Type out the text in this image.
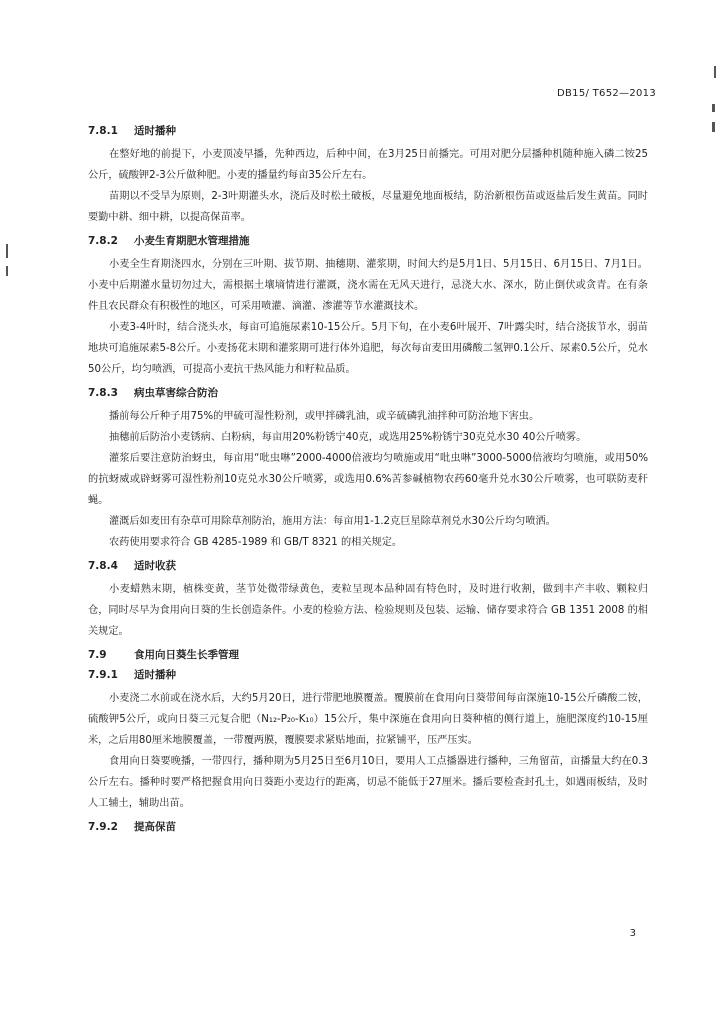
DB15/ T652—2013
7.8.1 适时播种

在整好地的前提下，小麦顶凌早播，先种西边，后种中间，在3月25日前播完。可用对肥分层播种机随种施入磷二铵25 公斤，硫酸钾2-3公斤做种肥。小麦的播量约每亩35公斤左右。

苗期以不受旱为原则，2-3叶期灌头水，浇后及时松土破板，尽量避免地面板结，防治新根伤苗或返盐后发生黄苗。同时要勤中耕、细中耕，以提高保苗率。

7.8.2 小麦生育期肥水管理措施

小麦全生育期浇四水，分别在三叶期、拔节期、抽穗期、灌浆期，时间大约是5月1日、5月15日、6月15日、7月1日。小麦中后期灌水量切勿过大，需根据土壤墒情进行灌溉，浇水需在无风天进行，忌浇大水、深水，防止倒伏或贪青。在有条件且农民群众有积极性的地区，可采用喷灌、滴灌、渗灌等节水灌溉技术。

小麦3-4叶时，结合浇头水，每亩可追施尿素10-15公斤。5月下旬，在小麦6叶展开、7叶露尖时，结合浇拔节水，弱苗地块可追施尿素5-8公斤。小麦扬花末期和灌浆期可进行体外追肥，每次每亩麦田用磷酸二氢钾0.1公斤、尿素0.5公斤，兑水50公斤，均匀喷洒，可提高小麦抗干热风能力和籽粒品质。

7.8.3 病虫草害综合防治

播前每公斤种子用75%的甲硫可湿性粉剂，或甲拌磷乳油，或辛硫磷乳油拌种可防治地下害虫。

抽穗前后防治小麦锈病、白粉病，每亩用20%粉锈宁40克，或选用25%粉锈宁30克兑水30 40公斤喷雾。

灌浆后要注意防治蚜虫，每亩用“吡虫啉”2000-4000倍液均匀喷施或用“吡虫啉”3000-5000倍液均匀喷施，或用50%的抗蚜威或辟蚜雾可湿性粉剂10克兑水30公斤喷雾，或选用0.6%苦参碱植物农药60毫升兑水30公斤喷雾，也可联防麦秆蝇。

灌溉后如麦田有杂草可用除草剂防治，施用方法：每亩用1-1.2克巨星除草剂兑水30公斤均匀喷洒。

农药使用要求符合 GB 4285-1989 和 GB/T 8321 的相关规定。

7.8.4 适时收获

小麦蜡熟末期，植株变黄，茎节处微带绿黄色，麦粒呈现本品种固有特色时，及时进行收割，做到丰产丰收、颗粒归仓，同时尽早为食用向日葵的生长创造条件。小麦的检验方法、检验规则及包装、运输、储存要求符合 GB 1351 2008 的相关规定。

7.9	食用向日葵生长季管理
7.9.1 适时播种

小麦浇二水前或在浇水后，大约5月20日，进行带肥地膜覆盖。覆膜前在食用向日葵带间每亩深施10-15公斤磷酸二铵，硫酸钾5公斤，或向日葵三元复合肥（N₁₂-P₂₀-K₁₀）15公斤，集中深施在食用向日葵种植的侧行道上，施肥深度约10-15厘米，之后用80厘米地膜覆盖，一带覆两膜，覆膜要求紧贴地面，拉紧铺平，压严压实。

食用向日葵要晚播，一带四行，播种期为5月25日至6月10日，要用人工点播器进行播种，三角留苗，亩播量大约在0.3公斤左右。播种时要严格把握食用向日葵距小麦边行的距离，切忌不能低于27厘米。播后要检查封孔土，如遇雨板结，及时人工辅土，辅助出苗。

7.9.2 提高保苗
3
